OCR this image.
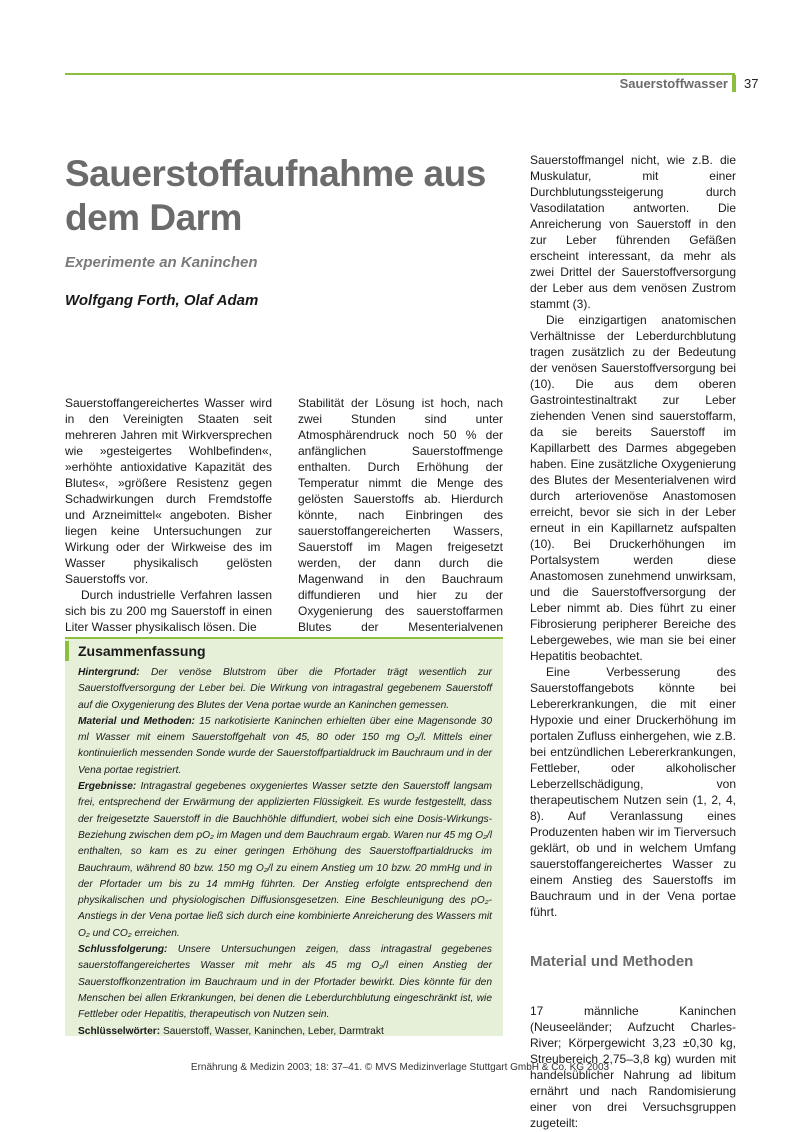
Sauerstoffwasser 37
Sauerstoffaufnahme aus dem Darm
Experimente an Kaninchen
Wolfgang Forth, Olaf Adam

Sauerstoffangereichertes Wasser wird in den Vereinigten Staaten seit mehreren Jahren mit Wirkversprechen wie »gesteigertes Wohlbefinden«, »erhöhte antioxidative Kapazität des Blutes«, »größere Resistenz gegen Schadwirkungen durch Fremdstoffe und Arzneimittel« angeboten. Bisher liegen keine Untersuchungen zur Wirkung oder der Wirkweise des im Wasser physikalisch gelösten Sauerstoffs vor.

Durch industrielle Verfahren lassen sich bis zu 200 mg Sauerstoff in einen Liter Wasser physikalisch lösen. Die

Stabilität der Lösung ist hoch, nach zwei Stunden sind unter Atmosphärendruck noch 50 % der anfänglichen Sauerstoffmenge enthalten. Durch Erhöhung der Temperatur nimmt die Menge des gelösten Sauerstoffs ab. Hierdurch könnte, nach Einbringen des sauerstoffangereicherten Wassers, Sauerstoff im Magen freigesetzt werden, der dann durch die Magenwand in den Bauchraum diffundieren und hier zu der Oxygenierung des sauerstoffarmen Blutes der Mesenterialvenen

Sauerstoffmangel nicht, wie z.B. die Muskulatur, mit einer Durchblutungssteigerung durch Vasodilatation antworten. Die Anreicherung von Sauerstoff in den zur Leber führenden Gefäßen erscheint interessant, da mehr als zwei Drittel der Sauerstoffversorgung der Leber aus dem venösen Zustrom stammt (3).

Die einzigartigen anatomischen Verhältnisse der Leberdurchblutung tragen zusätzlich zu der Bedeutung der venösen Sauerstoffversorgung bei (10). Die aus dem oberen Gastrointestinaltrakt zur Leber ziehenden Venen sind sauerstoffarm, da sie bereits Sauerstoff im Kapillarbett des Darmes abgegeben haben. Eine zusätzliche Oxygenierung des Blutes der Mesenterialvenen wird durch arteriovenöse Anastomosen erreicht, bevor sie sich in der Leber erneut in ein Kapillarnetz aufspalten (10). Bei Druckerhöhungen im Portalsystem werden diese Anastomosen zunehmend unwirksam, und die Sauerstoffversorgung der Leber nimmt ab. Dies führt zu einer Fibrosierung peripherer Bereiche des Lebergewebes, wie man sie bei einer Hepatitis beobachtet.

Eine Verbesserung des Sauerstoffangebots könnte bei Lebererkrankungen, die mit einer Hypoxie und einer Druckerhöhung im portalen Zufluss einhergehen, wie z.B. bei entzündlichen Lebererkrankungen, Fettleber, oder alkoholischer Leberzellschädigung, von therapeutischem Nutzen sein (1, 2, 4, 8). Auf Veranlassung eines Produzenten haben wir im Tierversuch geklärt, ob und in welchem Umfang sauerstoffangereichertes Wasser zu einem Anstieg des Sauerstoffs im Bauchraum und in der Vena portae führt.

Material und Methoden

17 männliche Kaninchen (Neuseeländer; Aufzucht Charles-River; Körpergewicht 3,23 ±0,30 kg, Streubereich 2,75–3,8 kg) wurden mit handelsüblicher Nahrung ad libitum ernährt und nach Randomisierung einer von drei Versuchsgruppen zugeteilt:

Zusammenfassung

Hintergrund: Der venöse Blutstrom über die Pfortader trägt wesentlich zur Sauerstoffversorgung der Leber bei. Die Wirkung von intragastral gegebenem Sauerstoff auf die Oxygenierung des Blutes der Vena portae wurde an Kaninchen gemessen.

Material und Methoden: 15 narkotisierte Kaninchen erhielten über eine Magensonde 30 ml Wasser mit einem Sauerstoffgehalt von 45, 80 oder 150 mg O₂/l. Mittels einer kontinuierlich messenden Sonde wurde der Sauerstoffpartialdruck im Bauchraum und in der Vena portae registriert.

Ergebnisse: Intragastral gegebenes oxygeniertes Wasser setzte den Sauerstoff langsam frei, entsprechend der Erwärmung der applizierten Flüssigkeit. Es wurde festgestellt, dass der freigesetzte Sauerstoff in die Bauchhöhle diffundiert, wobei sich eine Dosis-Wirkungs-Beziehung zwischen dem pO₂ im Magen und dem Bauchraum ergab. Waren nur 45 mg O₂/l enthalten, so kam es zu einer geringen Erhöhung des Sauerstoffpartialdrucks im Bauchraum, während 80 bzw. 150 mg O₂/l zu einem Anstieg um 10 bzw. 20 mmHg und in der Pfortader um bis zu 14 mmHg führten. Der Anstieg erfolgte entsprechend den physikalischen und physiologischen Diffusionsgesetzen. Eine Beschleunigung des pO₂-Anstiegs in der Vena portae ließ sich durch eine kombinierte Anreicherung des Wassers mit O₂ und CO₂ erreichen.

Schlussfolgerung: Unsere Untersuchungen zeigen, dass intragastral gegebenes sauerstoffangereichertes Wasser mit mehr als 45 mg O₂/l einen Anstieg der Sauerstoffkonzentration im Bauchraum und in der Pfortader bewirkt. Dies könnte für den Menschen bei allen Erkrankungen, bei denen die Leberdurchblutung eingeschränkt ist, wie Fettleber oder Hepatitis, therapeutisch von Nutzen sein.

Schlüsselwörter: Sauerstoff, Wasser, Kaninchen, Leber, Darmtrakt

Ernährung & Medizin 2003; 18: 37–41. © MVS Medizinverlage Stuttgart GmbH & Co. KG 2003
